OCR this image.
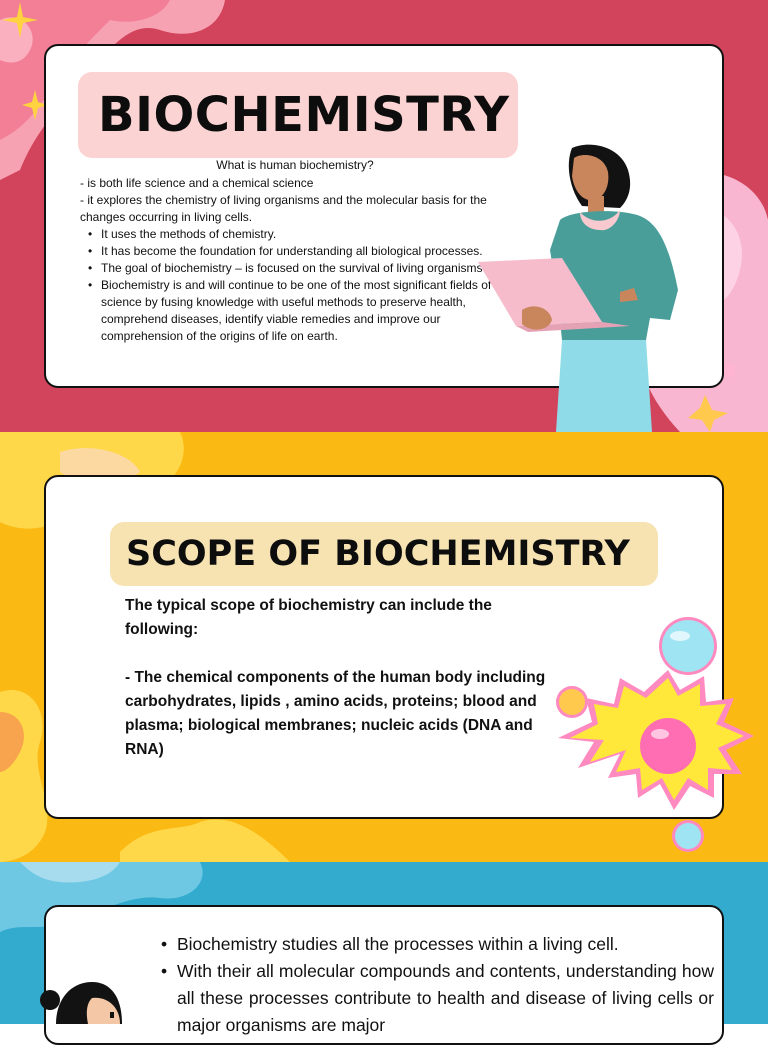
BIOCHEMISTRY
What is human biochemistry?
- is both life science and a chemical science
- it explores the chemistry of living organisms and the molecular basis for the changes occurring in living cells.
• It uses the methods of chemistry.
• It has become the foundation for understanding all biological processes.
• The goal of biochemistry – is focused on the survival of living organisms
• Biochemistry is and will continue to be one of the most significant fields of science by fusing knowledge with useful methods to preserve health, comprehend diseases, identify viable remedies and improve our comprehension of the origins of life on earth.
SCOPE OF BIOCHEMISTRY

The typical scope of biochemistry can include the following:

- The chemical components of the human body including carbohydrates, lipids , amino acids, proteins; blood and plasma; biological membranes; nucleic acids (DNA and RNA)

• Biochemistry studies all the processes within a living cell.
• With their all molecular compounds and contents, understanding how all these processes contribute to health and disease of living cells or major organisms are major
